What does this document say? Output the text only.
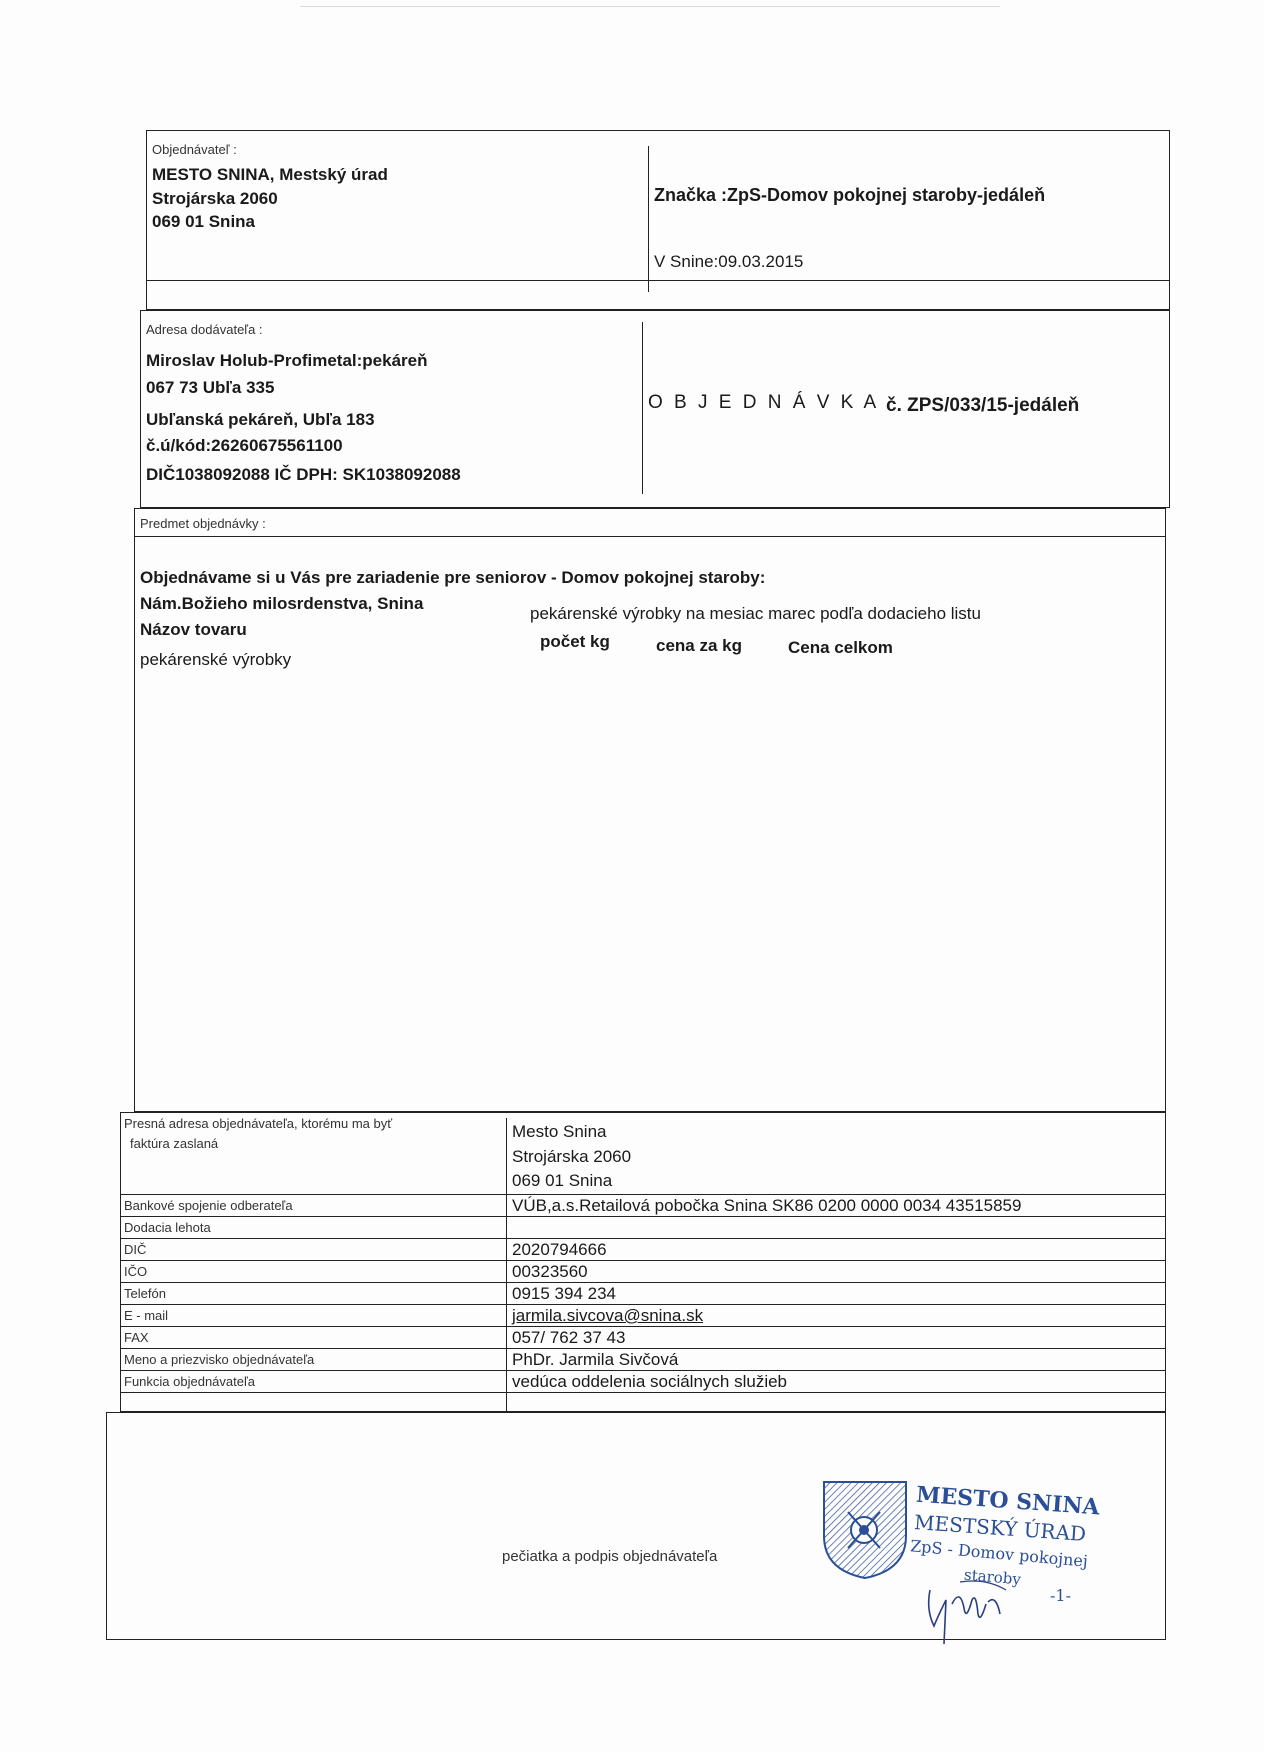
Objednávateľ :
MESTO SNINA, Mestský úrad
Strojárska 2060
069 01 Snina
Značka :ZpS-Domov pokojnej staroby-jedáleň
V Snine:09.03.2015
Adresa dodávateľa :
Miroslav Holub-Profimetal:pekáreň
067 73 Ubľa 335
Ubľanská pekáreň, Ubľa 183
č.ú/kód:26260675561100
DIČ1038092088 IČ DPH: SK1038092088
O B J E D N Á V K A č. ZPS/033/15-jedáleň
Predmet objednávky :
Objednávame si u Vás pre zariadenie pre seniorov - Domov pokojnej staroby:
Nám.Božieho milosrdenstva, Snina
pekárenské výrobky na mesiac marec podľa dodacieho listu
Názov tovaru
počet kg	cena za kg	Cena celkom
pekárenské výrobky
Presná adresa objednávateľa, ktorému ma byť
faktúra zaslaná
Mesto Snina
Strojárska 2060
069 01 Snina
Bankové spojenie odberateľa	VÚB,a.s.Retailová pobočka Snina SK86 0200 0000 0034 43515859
Dodacia lehota
DIČ	2020794666
IČO	00323560
Telefón	0915 394 234
E - mail	jarmila.sivcova@snina.sk
FAX	057/ 762 37 43
Meno a priezvisko objednávateľa	PhDr. Jarmila Sivčová
Funkcia objednávateľa	vedúca oddelenia sociálnych služieb
pečiatka a podpis objednávateľa
MESTO SNINA
MESTSKÝ ÚRAD
ZpS - Domov pokojnej
staroby
-1-
